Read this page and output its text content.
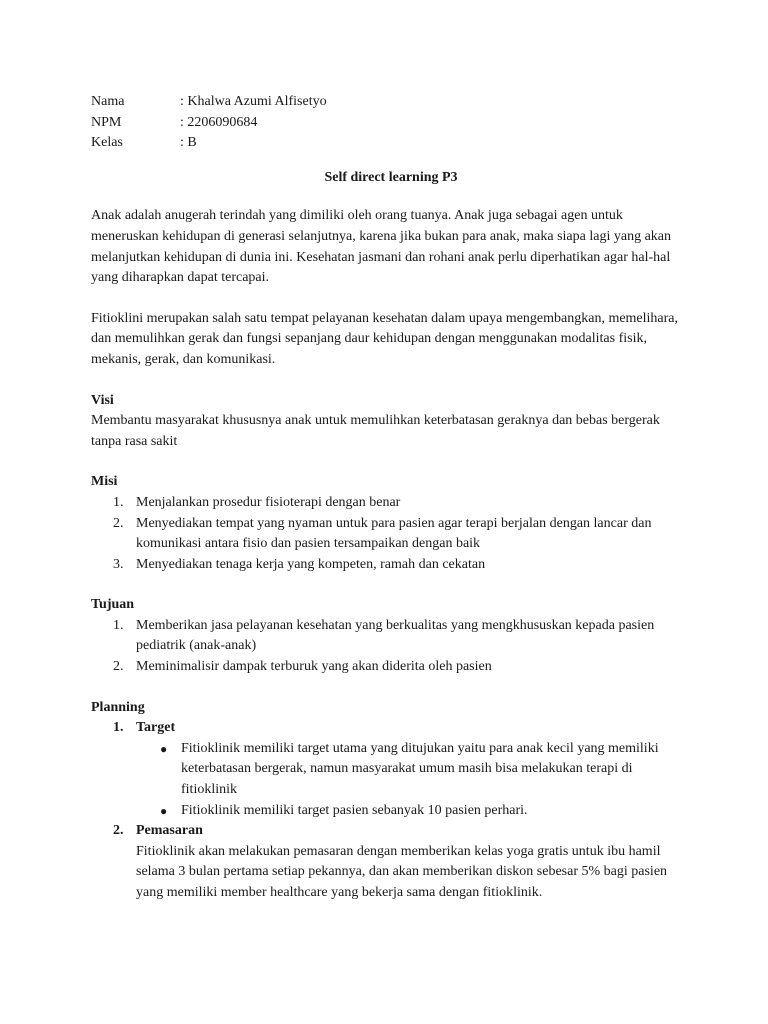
Nama	: Khalwa Azumi Alfisetyo
NPM	: 2206090684
Kelas	: B
Self direct learning P3

Anak adalah anugerah terindah yang dimiliki oleh orang tuanya. Anak juga sebagai agen untuk meneruskan kehidupan di generasi selanjutnya, karena jika bukan para anak, maka siapa lagi yang akan melanjutkan kehidupan di dunia ini. Kesehatan jasmani dan rohani anak perlu diperhatikan agar hal-hal yang diharapkan dapat tercapai.

Fitioklini merupakan salah satu tempat pelayanan kesehatan dalam upaya mengembangkan, memelihara, dan memulihkan gerak dan fungsi sepanjang daur kehidupan dengan menggunakan modalitas fisik, mekanis, gerak, dan komunikasi.

Visi

Membantu masyarakat khususnya anak untuk memulihkan keterbatasan geraknya dan bebas bergerak tanpa rasa sakit

Misi
1. Menjalankan prosedur fisioterapi dengan benar
2. Menyediakan tempat yang nyaman untuk para pasien agar terapi berjalan dengan lancar dan komunikasi antara fisio dan pasien tersampaikan dengan baik
3. Menyediakan tenaga kerja yang kompeten, ramah dan cekatan
Tujuan
1. Memberikan jasa pelayanan kesehatan yang berkualitas yang mengkhususkan kepada pasien pediatrik (anak-anak)
2. Meminimalisir dampak terburuk yang akan diderita oleh pasien
Planning
1. Target
● Fitioklinik memiliki target utama yang ditujukan yaitu para anak kecil yang memiliki keterbatasan bergerak, namun masyarakat umum masih bisa melakukan terapi di fitioklinik
● Fitioklinik memiliki target pasien sebanyak 10 pasien perhari.
2. Pemasaran

Fitioklinik akan melakukan pemasaran dengan memberikan kelas yoga gratis untuk ibu hamil selama 3 bulan pertama setiap pekannya, dan akan memberikan diskon sebesar 5% bagi pasien yang memiliki member healthcare yang bekerja sama dengan fitioklinik.
